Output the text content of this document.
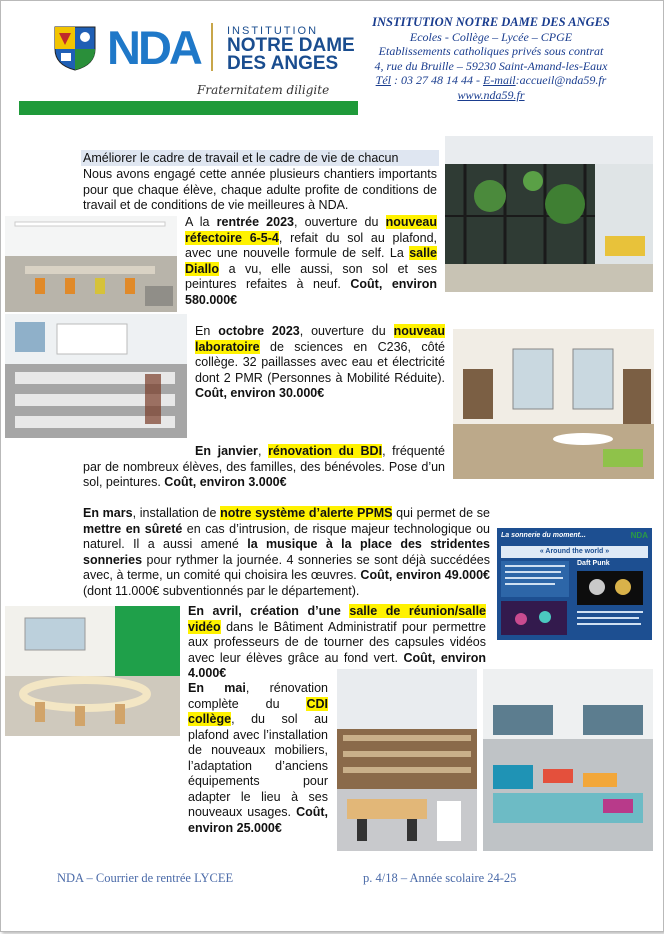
NDA INSTITUTION
NOTRE DAME
DES ANGES
Fraternitatem diligite
INSTITUTION NOTRE DAME DES ANGES
Ecoles - Collège – Lycée – CPGE
Etablissements catholiques privés sous contrat
4, rue du Bruille – 59230 Saint-Amand-les-Eaux
Tél : 03 27 48 14 44 - E-mail:accueil@nda59.fr
www.nda59.fr
Améliorer le cadre de travail et le cadre de vie de chacun
Nous avons engagé cette année plusieurs chantiers importants pour que chaque élève, chaque adulte profite de conditions de travail et de conditions de vie meilleures à NDA.
A la rentrée 2023, ouverture du nouveau réfectoire 6-5-4, refait du sol au plafond, avec une nouvelle formule de self. La salle Diallo a vu, elle aussi, son sol et ses peintures refaites à neuf. Coût, environ 580.000€
En octobre 2023, ouverture du nouveau laboratoire de sciences en C236, côté collège. 32 paillasses avec eau et électricité dont 2 PMR (Personnes à Mobilité Réduite). Coût, environ 30.000€
En janvier, rénovation du BDI, fréquenté par de nombreux élèves, des familles, des bénévoles. Pose d’un sol, peintures. Coût, environ 3.000€
En mars, installation de notre système d’alerte PPMS qui permet de se mettre en sûreté en cas d’intrusion, de risque majeur technologique ou naturel. Il a aussi amené la musique à la place des stridentes sonneries pour rythmer la journée. 4 sonneries se sont déjà succédées avec, à terme, un comité qui choisira les œuvres. Coût, environ 49.000€ (dont 11.000€ subventionnés par le département).
La sonnerie du moment...	NDA
« Around the world »
Daft Punk
En avril, création d’une salle de réunion/salle vidéo dans le Bâtiment Administratif pour permettre aux professeurs de de tourner des capsules vidéos avec leur élèves grâce au fond vert. Coût, environ 4.000€
En mai, rénovation complète du CDI collège, du sol au plafond avec l’installation de nouveaux mobiliers, l’adaptation d’anciens équipements pour adapter le lieu à ses nouveaux usages. Coût, environ 25.000€
NDA – Courrier de rentrée LYCEE	p. 4/18 – Année scolaire 24-25
